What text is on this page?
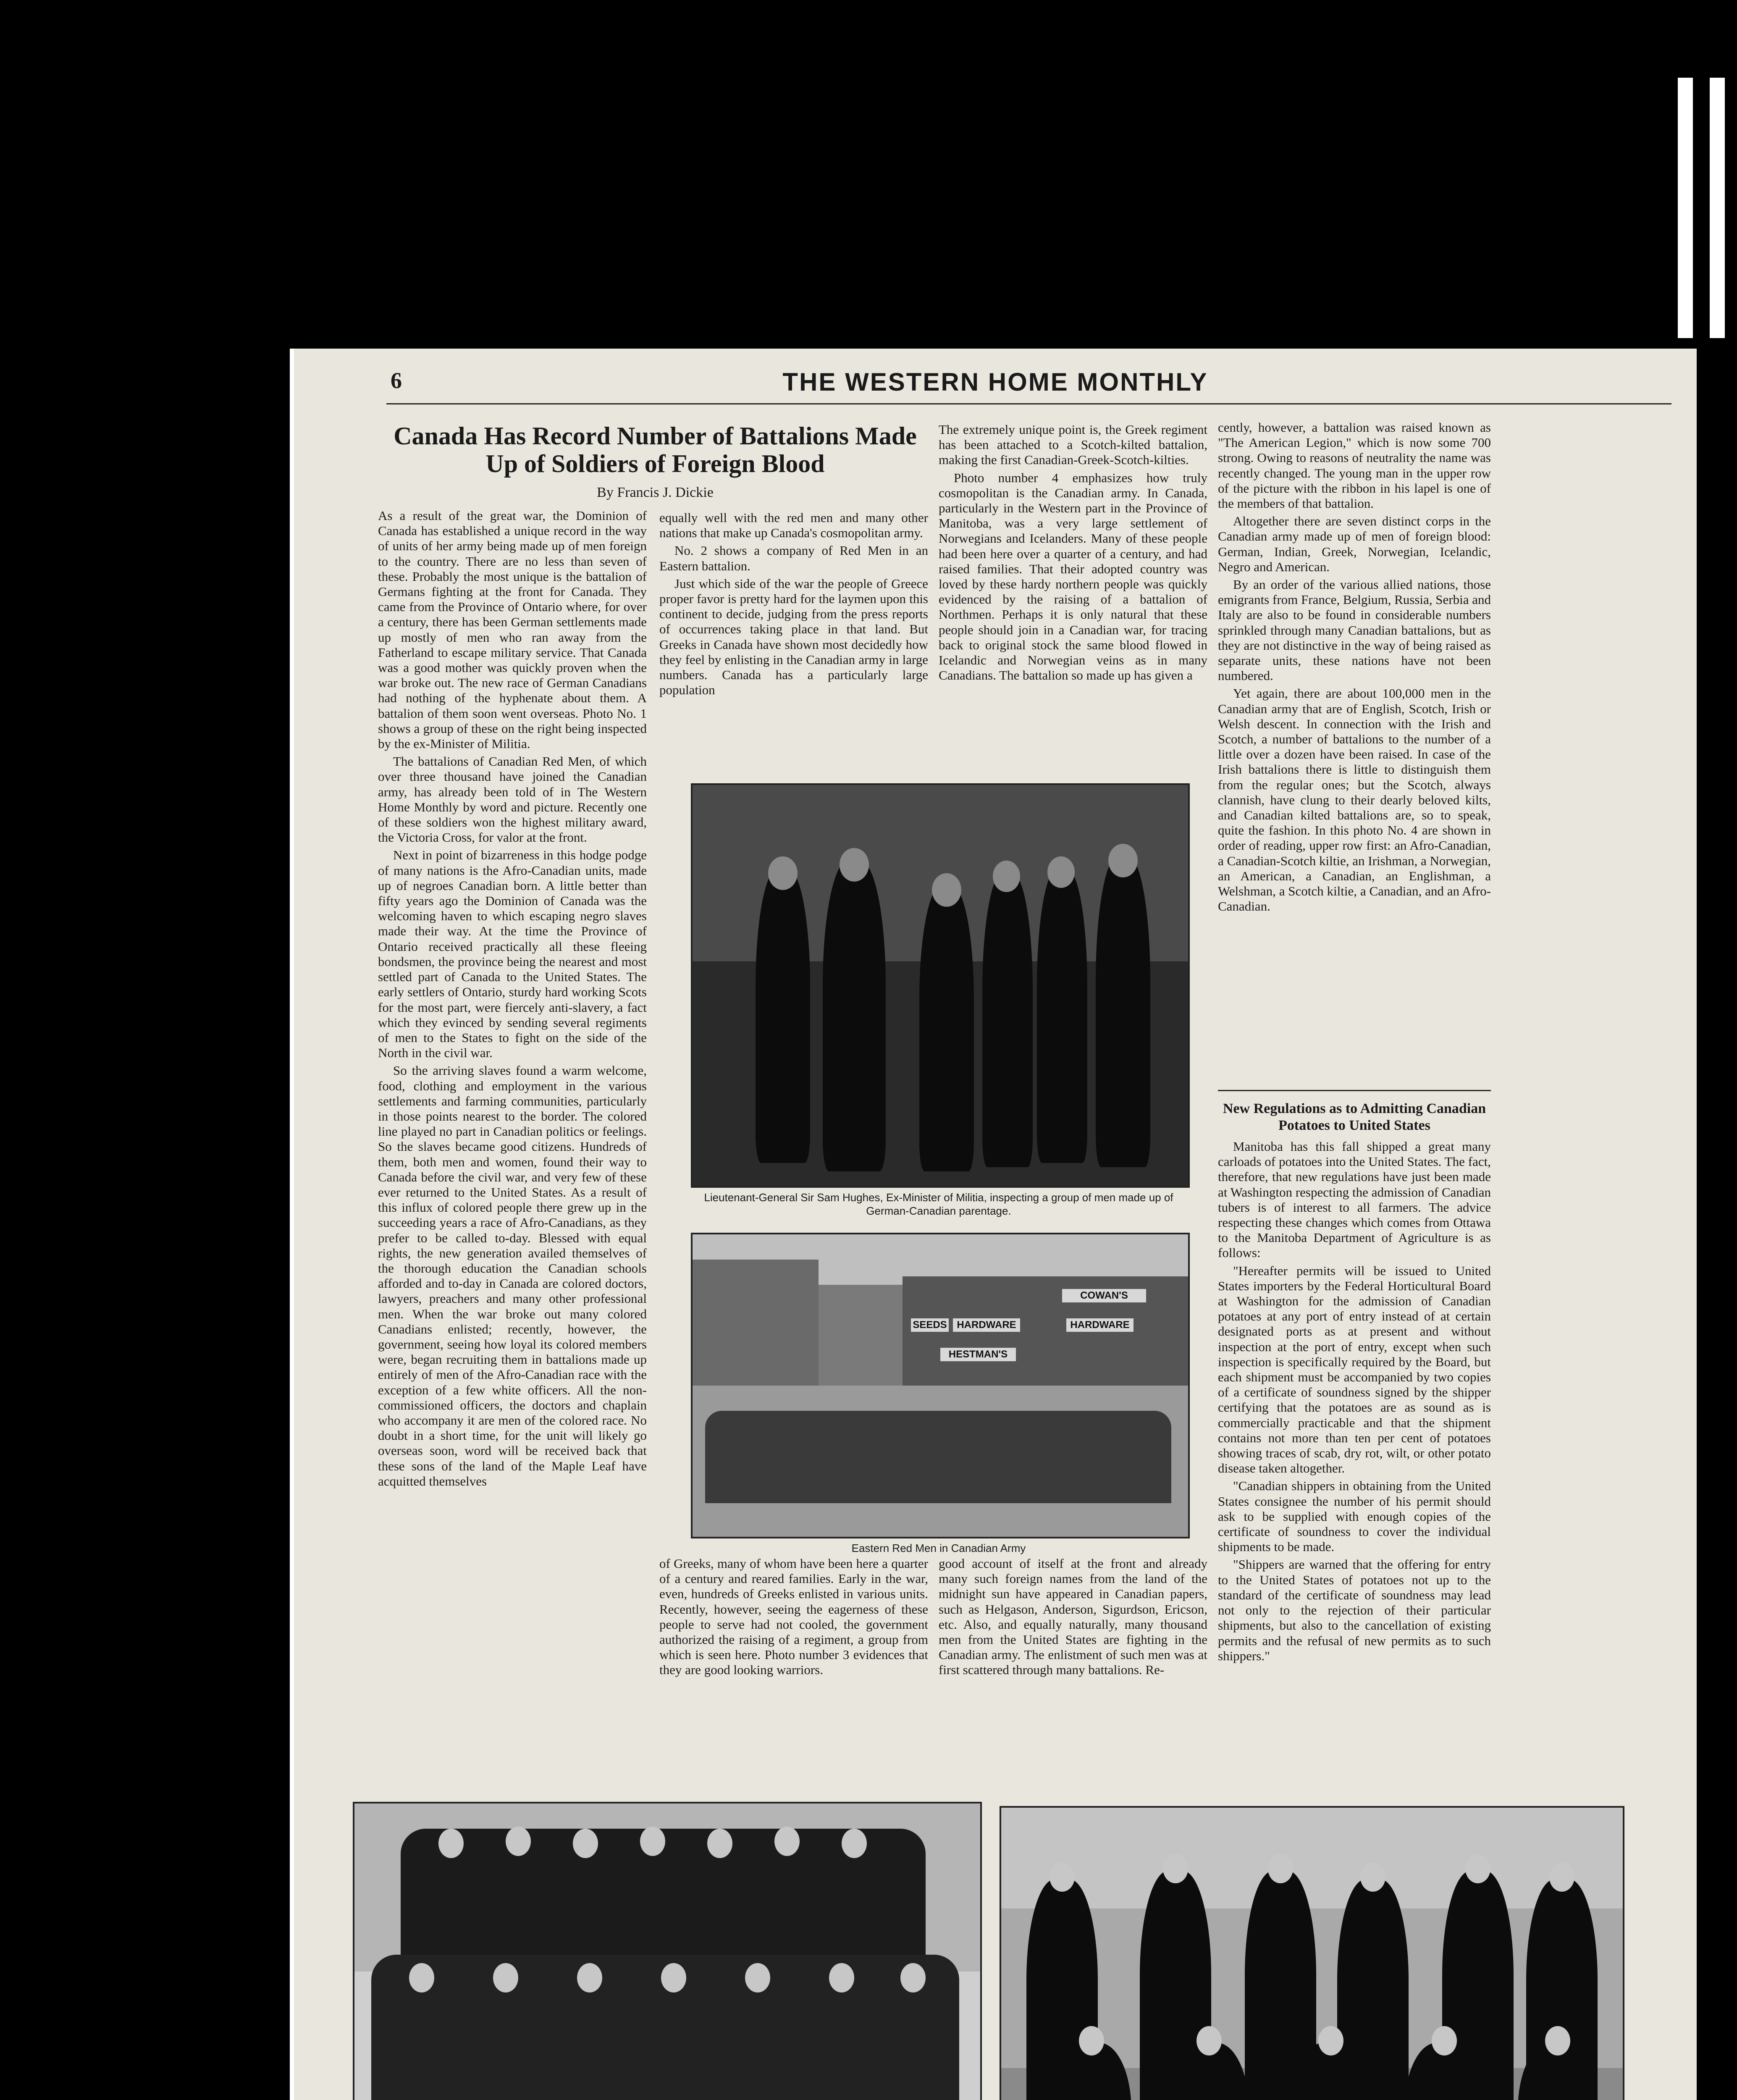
6	THE WESTERN HOME MONTHLY
Canada Has Record Number of Battalions Made Up of Soldiers of Foreign Blood
By Francis J. Dickie

As a result of the great war, the Dominion of Canada has established a unique record in the way of units of her army being made up of men foreign to the country. There are no less than seven of these. Probably the most unique is the battalion of Germans fighting at the front for Canada. They came from the Province of Ontario where, for over a century, there has been German settlements made up mostly of men who ran away from the Fatherland to escape military service. That Canada was a good mother was quickly proven when the war broke out. The new race of German Canadians had nothing of the hyphenate about them. A battalion of them soon went overseas. Photo No. 1 shows a group of these on the right being inspected by the ex-Minister of Militia.

The battalions of Canadian Red Men, of which over three thousand have joined the Canadian army, has already been told of in The Western Home Monthly by word and picture. Recently one of these soldiers won the highest military award, the Victoria Cross, for valor at the front.

Next in point of bizarreness in this hodge podge of many nations is the Afro-Canadian units, made up of negroes Canadian born. A little better than fifty years ago the Dominion of Canada was the welcoming haven to which escaping negro slaves made their way. At the time the Province of Ontario received practically all these fleeing bondsmen, the province being the nearest and most settled part of Canada to the United States. The early settlers of Ontario, sturdy hard working Scots for the most part, were fiercely anti-slavery, a fact which they evinced by sending several regiments of men to the States to fight on the side of the North in the civil war.

So the arriving slaves found a warm welcome, food, clothing and employment in the various settlements and farming communities, particularly in those points nearest to the border. The colored line played no part in Canadian politics or feelings. So the slaves became good citizens. Hundreds of them, both men and women, found their way to Canada before the civil war, and very few of these ever returned to the United States. As a result of this influx of colored people there grew up in the succeeding years a race of Afro-Canadians, as they prefer to be called to-day. Blessed with equal rights, the new generation availed themselves of the thorough education the Canadian schools afforded and to-day in Canada are colored doctors, lawyers, preachers and many other professional men. When the war broke out many colored Canadians enlisted; recently, however, the government, seeing how loyal its colored members were, began recruiting them in battalions made up entirely of men of the Afro-Canadian race with the exception of a few white officers. All the non-commissioned officers, the doctors and chaplain who accompany it are men of the colored race. No doubt in a short time, for the unit will likely go overseas soon, word will be received back that these sons of the land of the Maple Leaf have acquitted themselves

equally well with the red men and many other nations that make up Canada's cosmopolitan army.

No. 2 shows a company of Red Men in an Eastern battalion.

Just which side of the war the people of Greece proper favor is pretty hard for the laymen upon this continent to decide, judging from the press reports of occurrences taking place in that land. But Greeks in Canada have shown most decidedly how they feel by enlisting in the Canadian army in large numbers. Canada has a particularly large population

The extremely unique point is, the Greek regiment has been attached to a Scotch-kilted battalion, making the first Canadian-Greek-Scotch-kilties.

Photo number 4 emphasizes how truly cosmopolitan is the Canadian army. In Canada, particularly in the Western part in the Province of Manitoba, was a very large settlement of Norwegians and Icelanders. Many of these people had been here over a quarter of a century, and had raised families. That their adopted country was loved by these hardy northern people was quickly evidenced by the raising of a battalion of Northmen. Perhaps it is only natural that these people should join in a Canadian war, for tracing back to original stock the same blood flowed in Icelandic and Norwegian veins as in many Canadians. The battalion so made up has given a

cently, however, a battalion was raised known as "The American Legion," which is now some 700 strong. Owing to reasons of neutrality the name was recently changed. The young man in the upper row of the picture with the ribbon in his lapel is one of the members of that battalion.

Altogether there are seven distinct corps in the Canadian army made up of men of foreign blood: German, Indian, Greek, Norwegian, Icelandic, Negro and American.

By an order of the various allied nations, those emigrants from France, Belgium, Russia, Serbia and Italy are also to be found in considerable numbers sprinkled through many Canadian battalions, but as they are not distinctive in the way of being raised as separate units, these nations have not been numbered.

Yet again, there are about 100,000 men in the Canadian army that are of English, Scotch, Irish or Welsh descent. In connection with the Irish and Scotch, a number of battalions to the number of a little over a dozen have been raised. In case of the Irish battalions there is little to distinguish them from the regular ones; but the Scotch, always clannish, have clung to their dearly beloved kilts, and Canadian kilted battalions are, so to speak, quite the fashion. In this photo No. 4 are shown in order of reading, upper row first: an Afro-Canadian, a Canadian-Scotch kiltie, an Irishman, a Norwegian, an American, a Canadian, an Englishman, a Welshman, a Scotch kiltie, a Canadian, and an Afro-Canadian.

New Regulations as to Admitting Canadian Potatoes to United States

Manitoba has this fall shipped a great many carloads of potatoes into the United States. The fact, therefore, that new regulations have just been made at Washington respecting the admission of Canadian tubers is of interest to all farmers. The advice respecting these changes which comes from Ottawa to the Manitoba Department of Agriculture is as follows:

"Hereafter permits will be issued to United States importers by the Federal Horticultural Board at Washington for the admission of Canadian potatoes at any port of entry instead of at certain designated ports as at present and without inspection at the port of entry, except when such inspection is specifically required by the Board, but each shipment must be accompanied by two copies of a certificate of soundness signed by the shipper certifying that the potatoes are as sound as is commercially practicable and that the shipment contains not more than ten per cent of potatoes showing traces of scab, dry rot, wilt, or other potato disease taken altogether.

"Canadian shippers in obtaining from the United States consignee the number of his permit should ask to be supplied with enough copies of the certificate of soundness to cover the individual shipments to be made.

"Shippers are warned that the offering for entry to the United States of potatoes not up to the standard of the certificate of soundness may lead not only to the rejection of their particular shipments, but also to the cancellation of existing permits and the refusal of new permits as to such shippers."

Lieutenant-General Sir Sam Hughes, Ex-Minister of Militia, inspecting a group of men made up of German-Canadian parentage.
SEEDS HARDWARE
HESTMAN'S
COWAN'S
HARDWARE
Eastern Red Men in Canadian Army

of Greeks, many of whom have been here a quarter of a century and reared families. Early in the war, even, hundreds of Greeks enlisted in various units. Recently, however, seeing the eagerness of these people to serve had not cooled, the government authorized the raising of a regiment, a group from which is seen here. Photo number 3 evidences that they are good looking warriors.

good account of itself at the front and already many such foreign names from the land of the midnight sun have appeared in Canadian papers, such as Helgason, Anderson, Sigurdson, Ericson, etc. Also, and equally naturally, many thousand men from the United States are fighting in the Canadian army. The enlistment of such men was at first scattered through many battalions. Re-
